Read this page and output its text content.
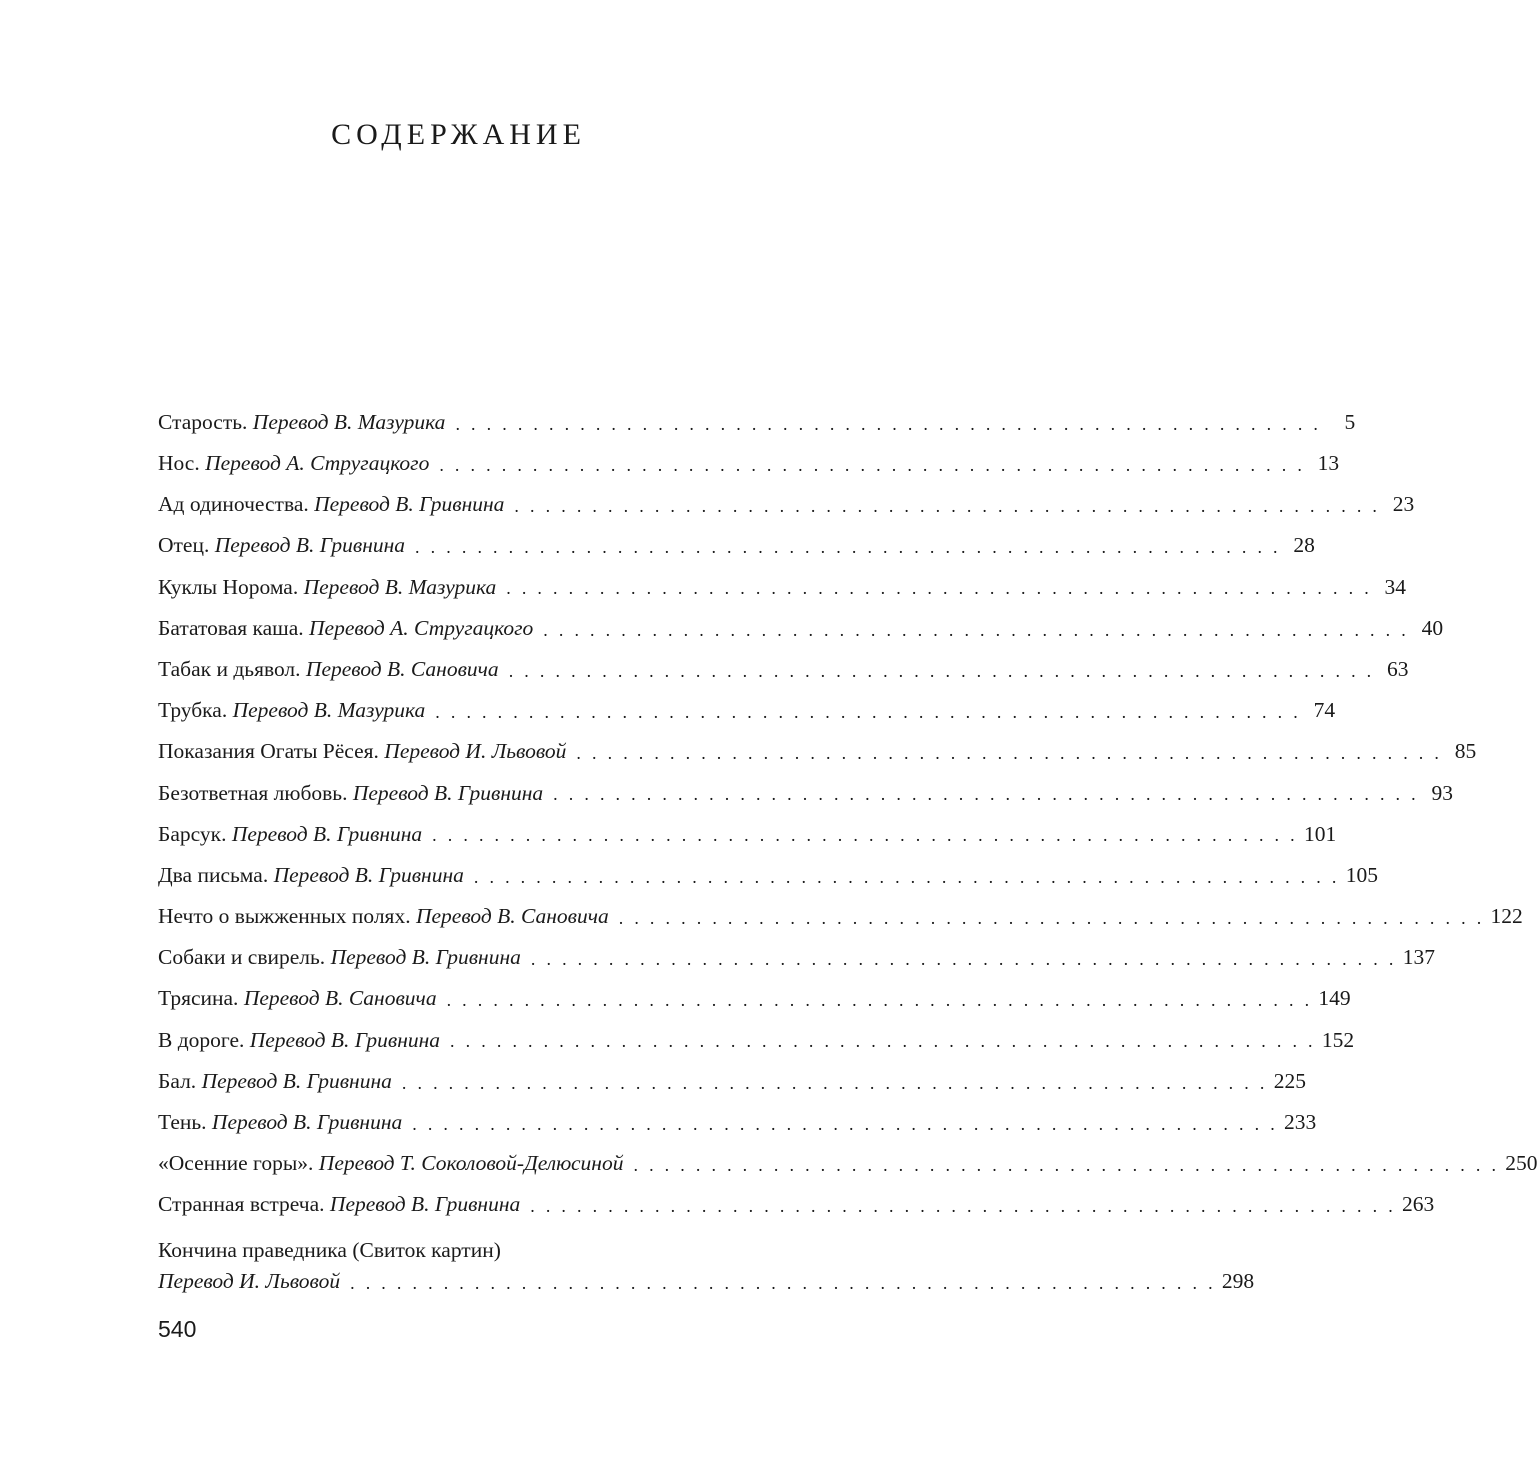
СОДЕРЖАНИЕ
Старость.
Перевод В. Мазурика . . . . . . . . . . . . . . . . . . . . . . . . . . . . . . . . . . . . . . . . . . . . . . . . . . . . . . . .	5
Нос.
Перевод А. Стругацкого . . . . . . . . . . . . . . . . . . . . . . . . . . . . . . . . . . . . . . . . . . . . . . . . . . . . . . . . 13
Ад одиночества.
Перевод В. Гривнина . . . . . . . . . . . . . . . . . . . . . . . . . . . . . . . . . . . . . . . . . . . . . . . . . . . . . . . . 23
Отец.
Перевод В. Гривнина . . . . . . . . . . . . . . . . . . . . . . . . . . . . . . . . . . . . . . . . . . . . . . . . . . . . . . . . 28
Куклы Норома.
Перевод В. Мазурика . . . . . . . . . . . . . . . . . . . . . . . . . . . . . . . . . . . . . . . . . . . . . . . . . . . . . . . . 34
Бататовая каша.
Перевод А. Стругацкого . . . . . . . . . . . . . . . . . . . . . . . . . . . . . . . . . . . . . . . . . . . . . . . . . . . . . . . . 40
Табак и дьявол.
Перевод В. Сановича . . . . . . . . . . . . . . . . . . . . . . . . . . . . . . . . . . . . . . . . . . . . . . . . . . . . . . . . 63
Трубка.
Перевод В. Мазурика . . . . . . . . . . . . . . . . . . . . . . . . . . . . . . . . . . . . . . . . . . . . . . . . . . . . . . . . 74
Показания Огаты Рёсея.
Перевод И. Львовой . . . . . . . . . . . . . . . . . . . . . . . . . . . . . . . . . . . . . . . . . . . . . . . . . . . . . . . . 85
Безответная любовь.
Перевод В. Гривнина . . . . . . . . . . . . . . . . . . . . . . . . . . . . . . . . . . . . . . . . . . . . . . . . . . . . . . . . 93
Барсук.
Перевод В. Гривнина . . . . . . . . . . . . . . . . . . . . . . . . . . . . . . . . . . . . . . . . . . . . . . . . . . . . . . . . 101
Два письма.
Перевод В. Гривнина . . . . . . . . . . . . . . . . . . . . . . . . . . . . . . . . . . . . . . . . . . . . . . . . . . . . . . . . 105
Нечто о выжженных полях.
Перевод В. Сановича . . . . . . . . . . . . . . . . . . . . . . . . . . . . . . . . . . . . . . . . . . . . . . . . . . . . . . . . 122
Собаки и свирель.
Перевод В. Гривнина . . . . . . . . . . . . . . . . . . . . . . . . . . . . . . . . . . . . . . . . . . . . . . . . . . . . . . . . 137
Трясина.
Перевод В. Сановича . . . . . . . . . . . . . . . . . . . . . . . . . . . . . . . . . . . . . . . . . . . . . . . . . . . . . . . . 149
В дороге.
Перевод В. Гривнина . . . . . . . . . . . . . . . . . . . . . . . . . . . . . . . . . . . . . . . . . . . . . . . . . . . . . . . . 152
Бал.
Перевод В. Гривнина . . . . . . . . . . . . . . . . . . . . . . . . . . . . . . . . . . . . . . . . . . . . . . . . . . . . . . . . 225
Тень.
Перевод В. Гривнина . . . . . . . . . . . . . . . . . . . . . . . . . . . . . . . . . . . . . . . . . . . . . . . . . . . . . . . . 233
«Осенние горы».
Перевод Т. Соколовой-Делюсиной . . . . . . . . . . . . . . . . . . . . . . . . . . . . . . . . . . . . . . . . . . . . . . . . . . . . . . . . 250
Странная встреча.
Перевод В. Гривнина . . . . . . . . . . . . . . . . . . . . . . . . . . . . . . . . . . . . . . . . . . . . . . . . . . . . . . . . 263
Кончина праведника (Свиток картин)
Перевод И. Львовой . . . . . . . . . . . . . . . . . . . . . . . . . . . . . . . . . . . . . . . . . . . . . . . . . . . . . . . . 298

540
